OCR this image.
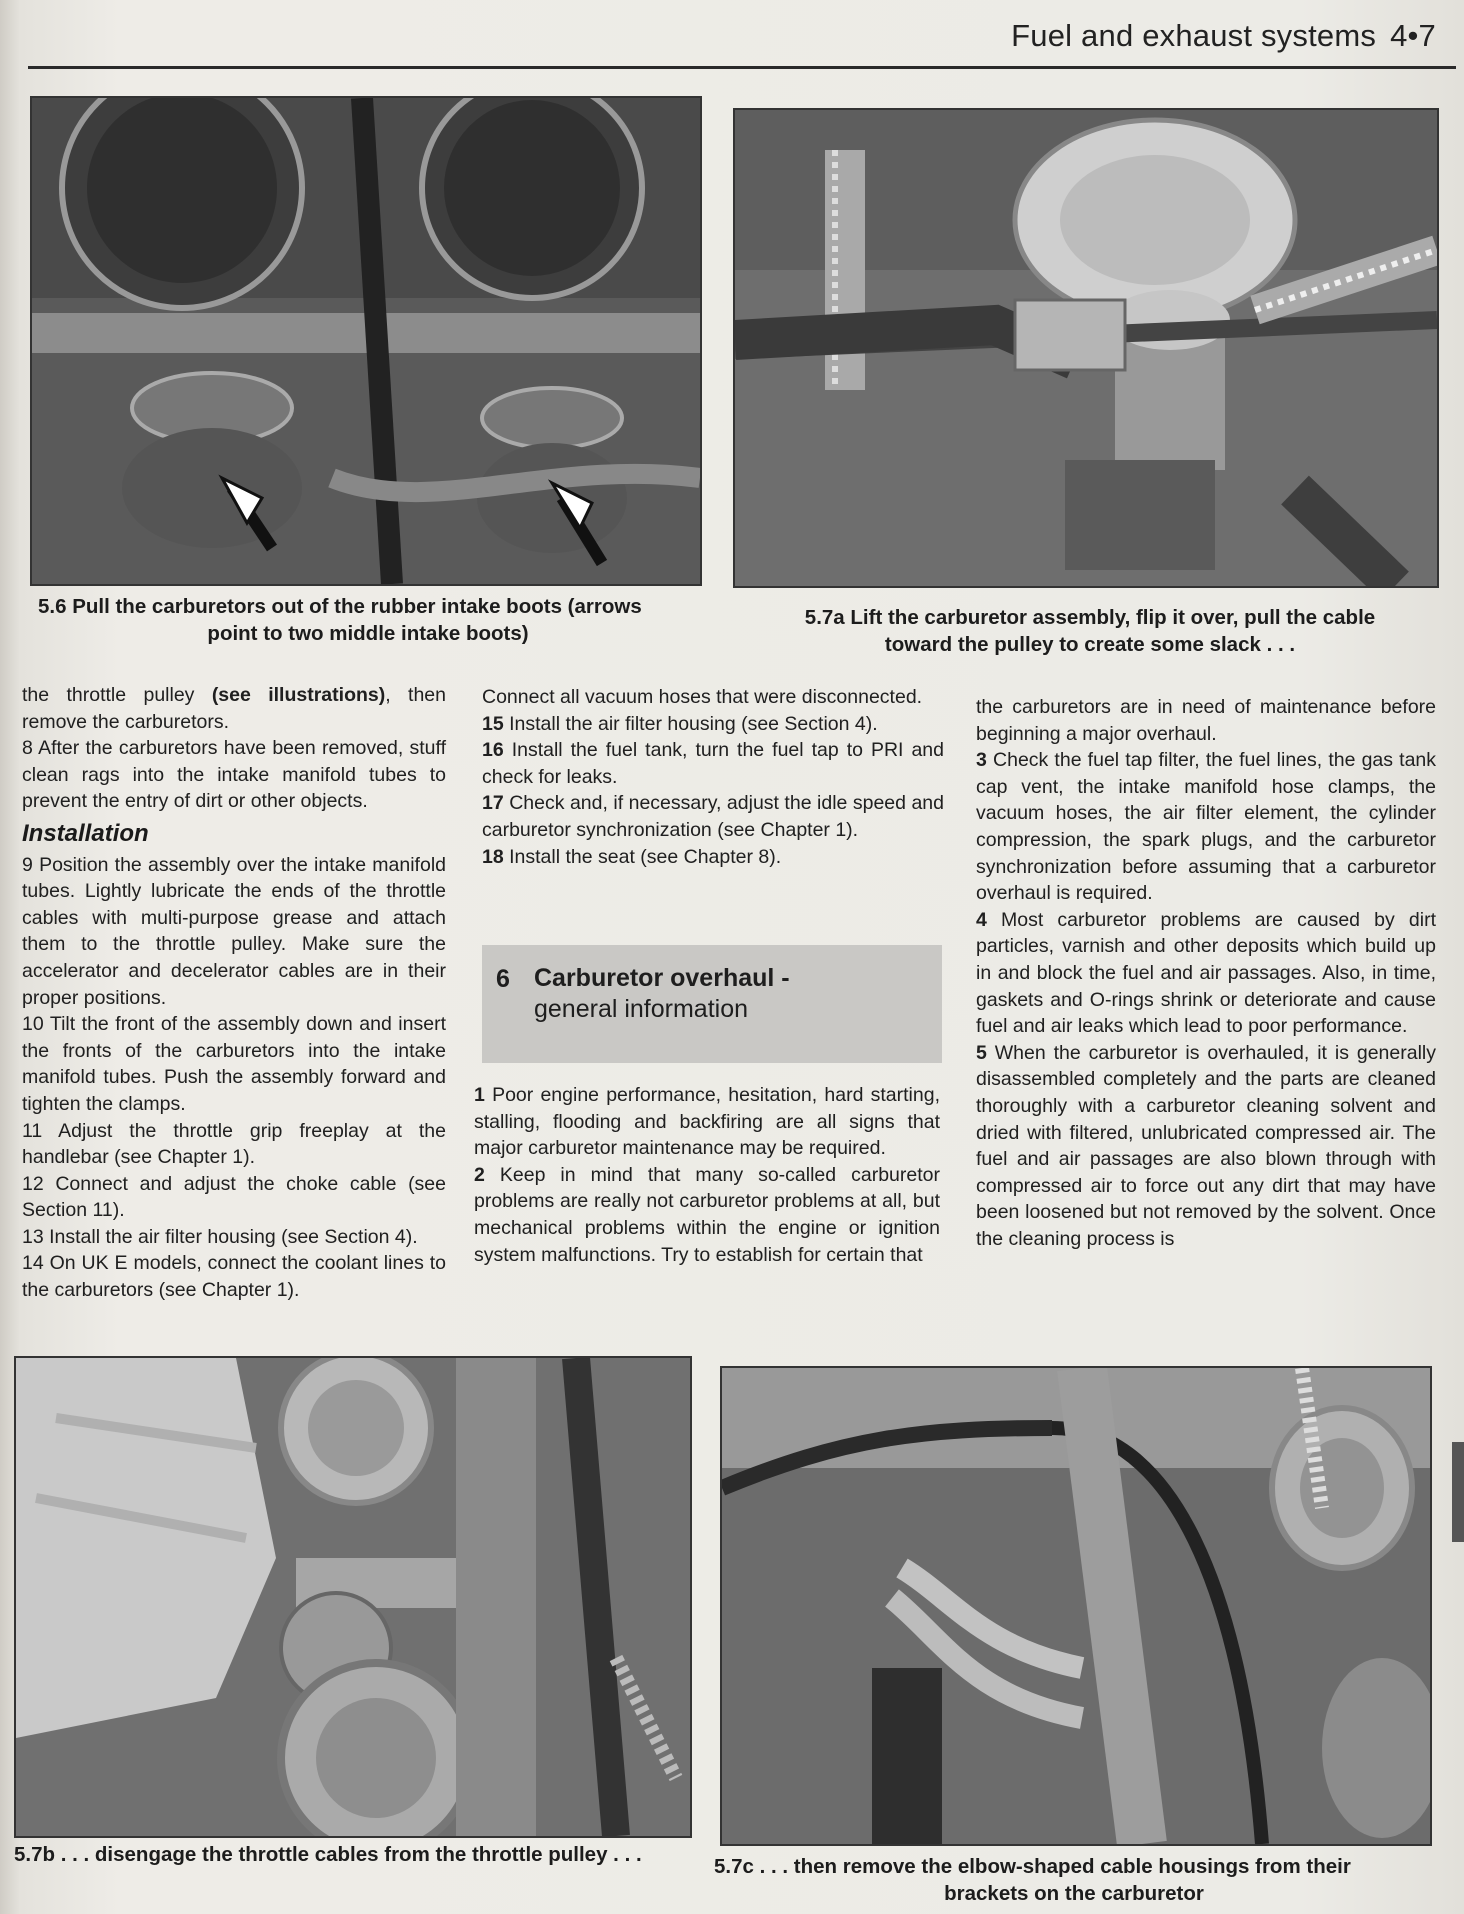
Fuel and exhaust systems 4•7
5.6 Pull the carburetors out of the rubber intake boots (arrows
point to two middle intake boots)
5.7a Lift the carburetor assembly, flip it over, pull the cable
toward the pulley to create some slack . . .

the throttle pulley (see illustrations), then remove the carburetors.

8 After the carburetors have been removed, stuff clean rags into the intake manifold tubes to prevent the entry of dirt or other objects.

Installation

9 Position the assembly over the intake manifold tubes. Lightly lubricate the ends of the throttle cables with multi-purpose grease and attach them to the throttle pulley. Make sure the accelerator and decelerator cables are in their proper positions.

10 Tilt the front of the assembly down and insert the fronts of the carburetors into the intake manifold tubes. Push the assembly forward and tighten the clamps.

11 Adjust the throttle grip freeplay at the handlebar (see Chapter 1).

12 Connect and adjust the choke cable (see Section 11).

13 Install the air filter housing (see Section 4).

14 On UK E models, connect the coolant lines to the carburetors (see Chapter 1).

Connect all vacuum hoses that were disconnected.

15 Install the air filter housing (see Section 4).

16 Install the fuel tank, turn the fuel tap to PRI and check for leaks.

17 Check and, if necessary, adjust the idle speed and carburetor synchronization (see Chapter 1).

18 Install the seat (see Chapter 8).

6 Carburetor overhaul -
general information

1 Poor engine performance, hesitation, hard starting, stalling, flooding and backfiring are all signs that major carburetor maintenance may be required.

2 Keep in mind that many so-called carburetor problems are really not carburetor problems at all, but mechanical problems within the engine or ignition system malfunctions. Try to establish for certain that

the carburetors are in need of maintenance before beginning a major overhaul.

3 Check the fuel tap filter, the fuel lines, the gas tank cap vent, the intake manifold hose clamps, the vacuum hoses, the air filter element, the cylinder compression, the spark plugs, and the carburetor synchronization before assuming that a carburetor overhaul is required.

4 Most carburetor problems are caused by dirt particles, varnish and other deposits which build up in and block the fuel and air passages. Also, in time, gaskets and O-rings shrink or deteriorate and cause fuel and air leaks which lead to poor performance.

5 When the carburetor is overhauled, it is generally disassembled completely and the parts are cleaned thoroughly with a carburetor cleaning solvent and dried with filtered, unlubricated compressed air. The fuel and air passages are also blown through with compressed air to force out any dirt that may have been loosened but not removed by the solvent. Once the cleaning process is

5.7b . . . disengage the throttle cables from the throttle pulley . . .
5.7c . . . then remove the elbow-shaped cable housings from their
brackets on the carburetor
